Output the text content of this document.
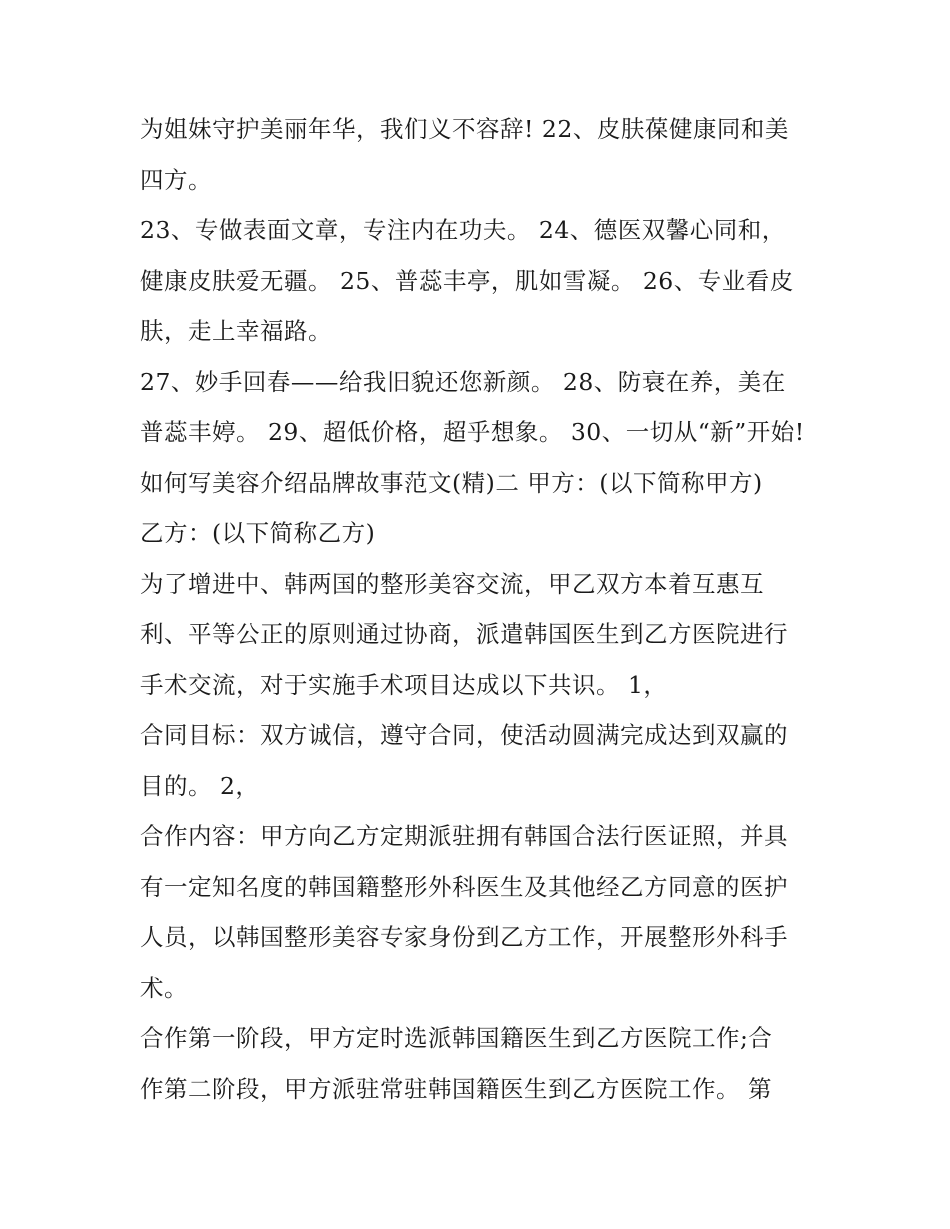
为姐妹守护美丽年华，我们义不容辞! 22、皮肤葆健康同和美
四方。
23、专做表面文章，专注内在功夫。 24、德医双馨心同和，
健康皮肤爱无疆。 25、普蕊丰亭，肌如雪凝。 26、专业看皮
肤，走上幸福路。
27、妙手回春——给我旧貌还您新颜。 28、防衰在养，美在
普蕊丰婷。 29、超低价格，超乎想象。 30、一切从“新”开始!
如何写美容介绍品牌故事范文(精)二 甲方：(以下简称甲方)
乙方：(以下简称乙方)
为了增进中、韩两国的整形美容交流，甲乙双方本着互惠互
利、平等公正的原则通过协商，派遣韩国医生到乙方医院进行
手术交流，对于实施手术项目达成以下共识。 1，
合同目标：双方诚信，遵守合同，使活动圆满完成达到双赢的
目的。 2，
合作内容：甲方向乙方定期派驻拥有韩国合法行医证照，并具
有一定知名度的韩国籍整形外科医生及其他经乙方同意的医护
人员，以韩国整形美容专家身份到乙方工作，开展整形外科手
术。
合作第一阶段，甲方定时选派韩国籍医生到乙方医院工作;合
作第二阶段，甲方派驻常驻韩国籍医生到乙方医院工作。 第
